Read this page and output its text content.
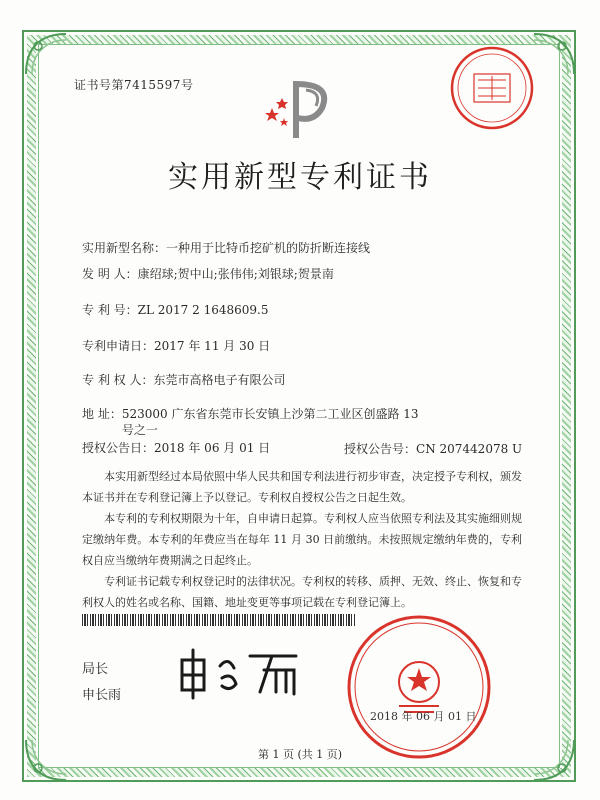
证书号第7415597号
实用新型专利证书
实用新型名称：一种用于比特币挖矿机的防折断连接线
发 明 人：康绍球;贺中山;张伟伟;刘银球;贺景南
专 利 号：ZL 2017 2 1648609.5
专利申请日：2017 年 11 月 30 日
专 利 权 人：东莞市高格电子有限公司
地 址：523000 广东省东莞市长安镇上沙第二工业区创盛路 13 号之一
授权公告日：2018 年 06 月 01 日	授权公告号：CN 207442078 U

本实用新型经过本局依照中华人民共和国专利法进行初步审查，决定授予专利权，颁发本证书并在专利登记簿上予以登记。专利权自授权公告之日起生效。

本专利的专利权期限为十年，自申请日起算。专利权人应当依照专利法及其实施细则规定缴纳年费。本专利的年费应当在每年 11 月 30 日前缴纳。未按照规定缴纳年费的，专利权自应当缴纳年费期满之日起终止。

专利证书记载专利权登记时的法律状况。专利权的转移、质押、无效、终止、恢复和专利权人的姓名或名称、国籍、地址变更等事项记载在专利登记簿上。

局长
申长雨
2018 年 06 月 01 日
第 1 页 (共 1 页)
